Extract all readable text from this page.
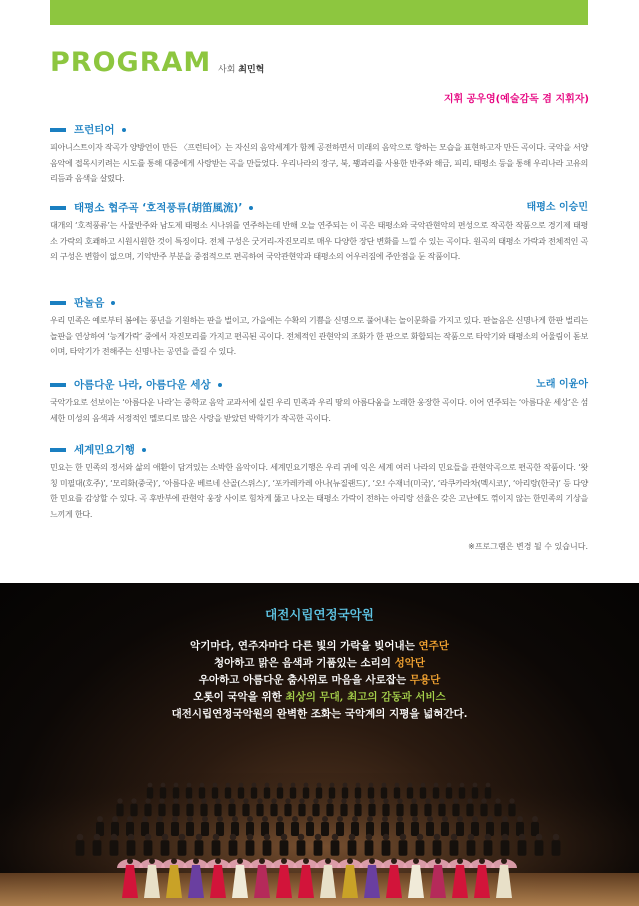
PROGRAM 사회 최민혁
지휘 공우영(예술감독 겸 지휘자)
프런티어
피아니스트이자 작곡가 양방언이 만든 〈프런티어〉는 자신의 음악세계가 함께 공전하면서 미래의 음악으로 향하는 모습을 표현하고자 만든 곡이다. 국악을 서양음악에 접목시키려는 시도를 통해 대중에게 사랑받는 곡을 만들었다. 우리나라의 장구, 북, 꽹과리를 사용한 반주와 해금, 피리, 태평소 등을 통해 우리나라 고유의 리듬과 음색을 살렸다.
태평소 협주곡 ‘호적풍류(胡笛風流)’	태평소 이승민
대개의 ‘호적풍류’는 사물반주와 남도제 태평소 시나위를 연주하는데 반해 오늘 연주되는 이 곡은 태평소와 국악관현악의 편성으로 작곡한 작품으로 경기제 태평소 가락의 호쾌하고 시원시원한 것이 특징이다. 전체 구성은 굿거리-자진모리로 매우 다양한 장단 변화를 느낄 수 있는 곡이다. 원곡의 태평소 가락과 전체적인 곡의 구성은 변함이 없으며, 기악반주 부분을 중점적으로 편곡하여 국악관현악과 태평소의 어우러짐에 주안점을 둔 작품이다.
판놀음
우리 민족은 예로부터 봄에는 풍년을 기원하는 판을 벌이고, 가을에는 수확의 기쁨을 신명으로 풀어내는 놀이문화를 가지고 있다. 판놀음은 신명나게 한판 벌리는 놀판을 연상하여 ‘능게가락’ 중에서 자진모리를 가지고 편곡된 곡이다. 전체적인 관현악의 조화가 한 판으로 화합되는 작품으로 타악기와 태평소의 어울림이 돋보이며, 타악기가 전해주는 신명나는 공연을 즐길 수 있다.
아름다운 나라, 아름다운 세상	노래 이윤아
국악가요로 선보이는 ‘아름다운 나라’는 중학교 음악 교과서에 실린 우리 민족과 우리 땅의 아름다움을 노래한 웅장한 곡이다. 이어 연주되는 ‘아름다운 세상’은 섬세한 미성의 음색과 서정적인 멜로디로 많은 사랑을 받았던 박학기가 작곡한 곡이다.
세계민요기행
민요는 한 민족의 정서와 삶의 애환이 담겨있는 소박한 음악이다. 세계민요기행은 우리 귀에 익은 세계 여러 나라의 민요들을 관현악곡으로 편곡한 작품이다. ‘왓칭 미필대(호주)’, ‘모리화(중국)’, ‘아름다운 베르네 산골(스위스)’, ‘포카레카레 아나(뉴질랜드)’, ‘오! 수재너(미국)’, ‘라쿠카라차(멕시코)’, ‘아리랑(한국)’ 등 다양한 민요를 감상할 수 있다. 곡 후반부에 관현악 웅장 사이로 힘차게 뚫고 나오는 태평소 가락이 전하는 아리랑 선율은 갖은 고난에도 꺾이지 않는 한민족의 기상을 느끼게 한다.
※프로그램은 변경 될 수 있습니다.
대전시립연정국악원
악기마다, 연주자마다 다른 빛의 가락을 빚어내는 연주단
청아하고 맑은 음색과 기품있는 소리의 성악단
우아하고 아름다운 춤사위로 마음을 사로잡는 무용단
오롯이 국악을 위한 최상의 무대, 최고의 감동과 서비스
대전시립연정국악원의 완벽한 조화는 국악계의 지평을 넓혀간다.
